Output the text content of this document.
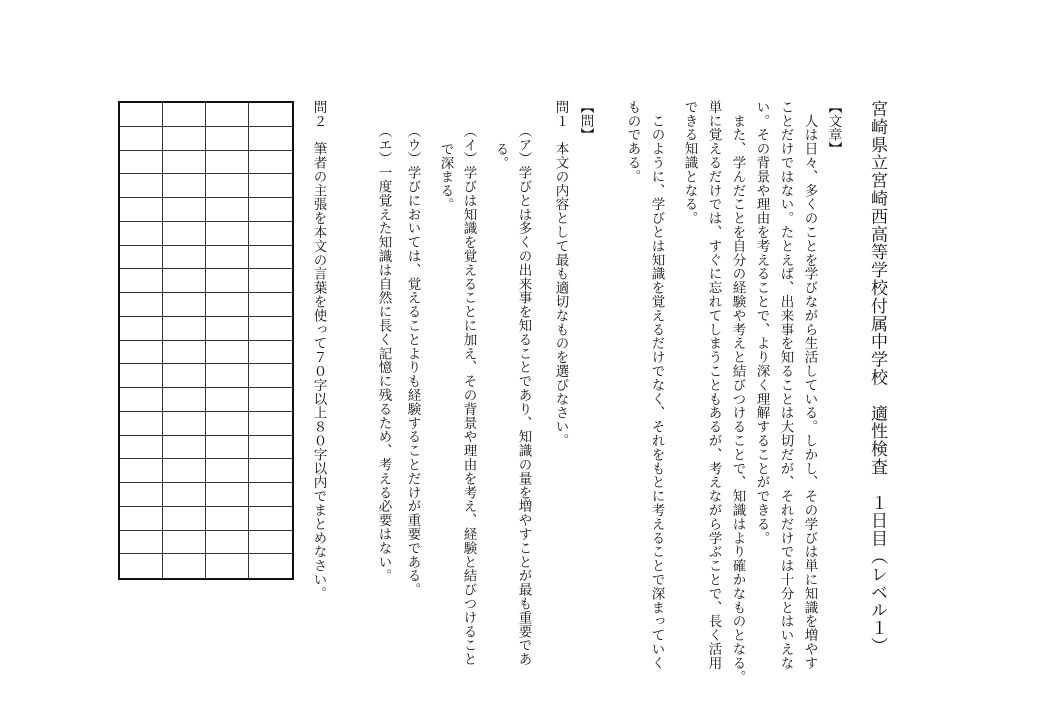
宮崎県立宮崎西高等学校付属中学校　適性検査　１日目（レベル１）
【文章】
　人は日々、多くのことを学びながら生活している。しかし、その学びは単に知識を増やす
ことだけではない。たとえば、出来事を知ることは大切だが、それだけでは十分とはいえな
い。その背景や理由を考えることで、より深く理解することができる。
　また、学んだことを自分の経験や考えと結びつけることで、知識はより確かなものとなる。
単に覚えるだけでは、すぐに忘れてしまうこともあるが、考えながら学ぶことで、長く活用
できる知識となる。
　このように、学びとは知識を覚えるだけでなく、それをもとに考えることで深まっていく
ものである。
【問】
問１　本文の内容として最も適切なものを選びなさい。
（ア）学びとは多くの出来事を知ることであり、知識の量を増やすことが最も重要であ
る。
（イ）学びは知識を覚えることに加え、その背景や理由を考え、経験と結びつけること
で深まる。
（ウ）学びにおいては、覚えることよりも経験することだけが重要である。
（エ）一度覚えた知識は自然に長く記憶に残るため、考える必要はない。
問２　筆者の主張を本文の言葉を使って７０字以上８０字以内でまとめなさい。
